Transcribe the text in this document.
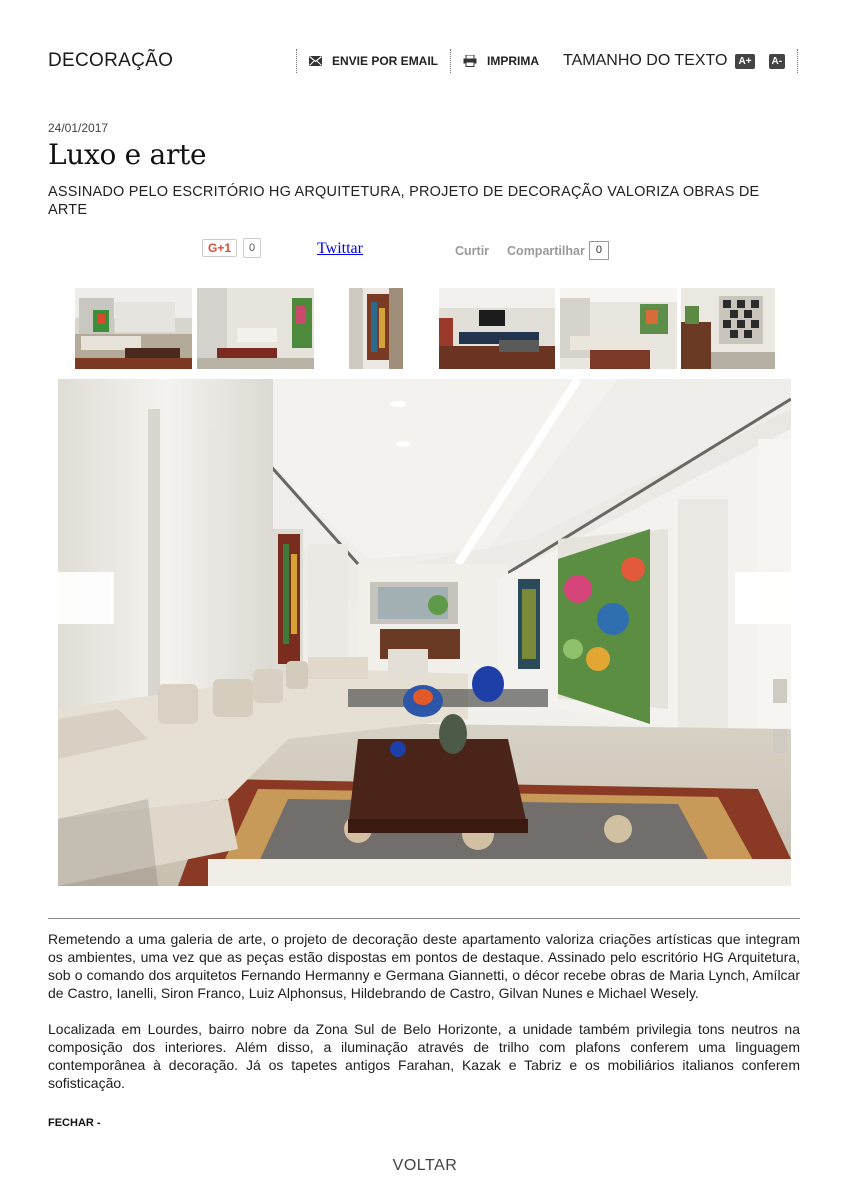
DECORAÇÃO	ENVIE POR EMAIL	IMPRIMA TAMANHO DO TEXTO	A+	A-
24/01/2017
Luxo e arte
ASSINADO PELO ESCRITÓRIO HG ARQUITETURA, PROJETO DE DECORAÇÃO VALORIZA OBRAS DE ARTE
G+1	0	Twittar	Curtir Compartilhar	0

Remetendo a uma galeria de arte, o projeto de decoração deste apartamento valoriza criações artísticas que integram os ambientes, uma vez que as peças estão dispostas em pontos de destaque. Assinado pelo escritório HG Arquitetura, sob o comando dos arquitetos Fernando Hermanny e Germana Giannetti, o décor recebe obras de Maria Lynch, Amílcar de Castro, Ianelli, Siron Franco, Luiz Alphonsus, Hildebrando de Castro, Gilvan Nunes e Michael Wesely.

Localizada em Lourdes, bairro nobre da Zona Sul de Belo Horizonte, a unidade também privilegia tons neutros na composição dos interiores. Além disso, a iluminação através de trilho com plafons conferem uma linguagem contemporânea à decoração. Já os tapetes antigos Farahan, Kazak e Tabriz e os mobiliários italianos conferem sofisticação.

FECHAR -
VOLTAR
